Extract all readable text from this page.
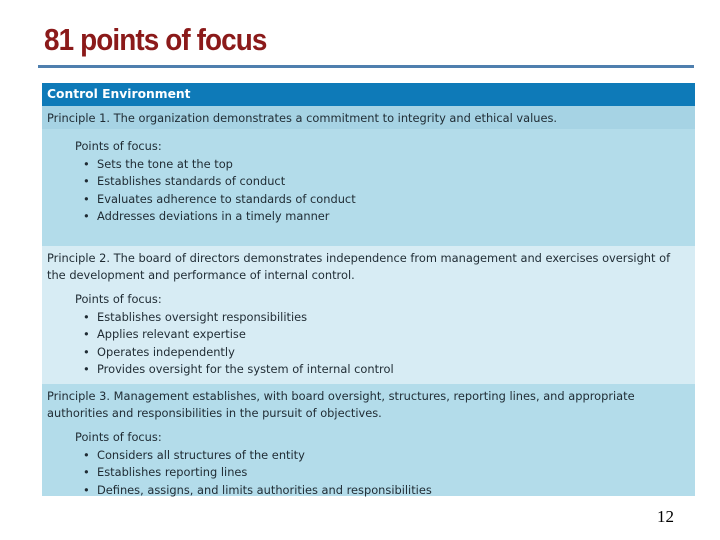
81 points of focus
Control Environment
Principle 1. The organization demonstrates a commitment to integrity and ethical values.
Points of focus:
• Sets the tone at the top
• Establishes standards of conduct
• Evaluates adherence to standards of conduct
• Addresses deviations in a timely manner
Principle 2. The board of directors demonstrates independence from management and exercises oversight of the development and performance of internal control.
Points of focus:
• Establishes oversight responsibilities
• Applies relevant expertise
• Operates independently
• Provides oversight for the system of internal control
Principle 3. Management establishes, with board oversight, structures, reporting lines, and appropriate authorities and responsibilities in the pursuit of objectives.
Points of focus:
• Considers all structures of the entity
• Establishes reporting lines
• Defines, assigns, and limits authorities and responsibilities
12
